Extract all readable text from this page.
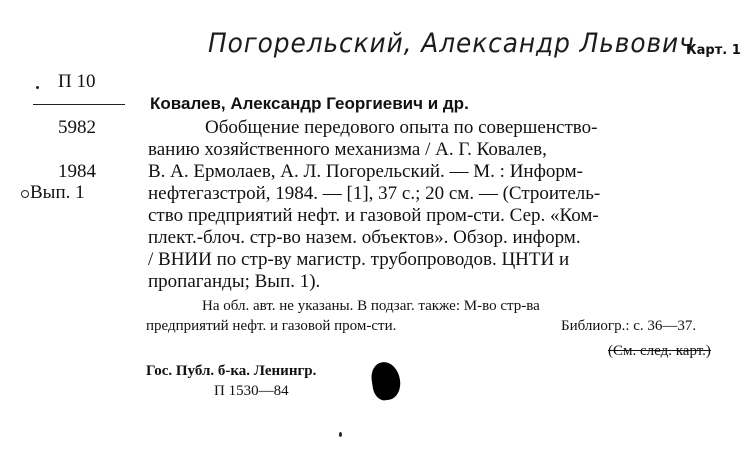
Погорельский, Александр Львович
Карт. 1
П 10
5982
1984
Вып. 1
Ковалев, Александр Георгиевич и др.
Обобщение передового опыта по совершенство-
ванию хозяйственного механизма / А. Г. Ковалев,
В. А. Ермолаев, А. Л. Погорельский. — М. : Информ-
нефтегазстрой, 1984. — [1], 37 с.; 20 см. — (Строитель-
ство предприятий нефт. и газовой пром-сти. Сер. «Ком-
плект.-блоч. стр-во назем. объектов». Обзор. информ.
/ ВНИИ по стр-ву магистр. трубопроводов. ЦНТИ и
пропаганды; Вып. 1).
На обл. авт. не указаны. В подзаг. также: М-во стр-ва
предприятий нефт. и газовой пром-сти.	Библиогр.: с. 36—37.
(См. след. карт.)
Гос. Публ. б-ка. Ленингр.
П 1530—84
